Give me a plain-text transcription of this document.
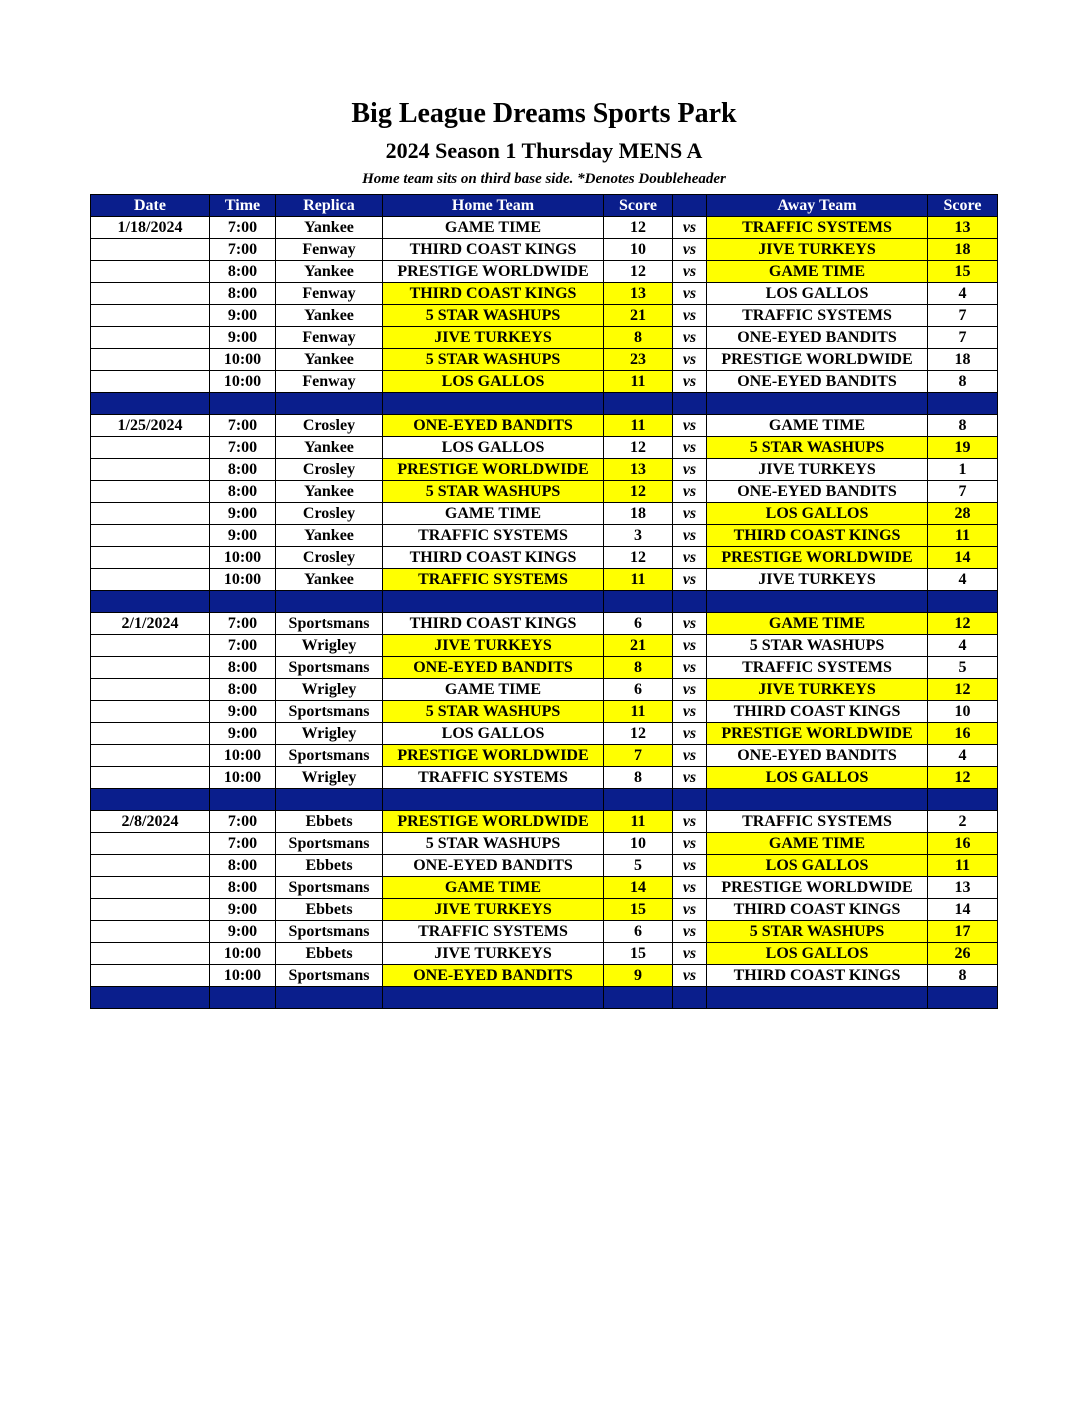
Big League Dreams Sports Park
2024 Season 1 Thursday MENS A
Home team sits on third base side. *Denotes Doubleheader
Date	Time	Replica	Home Team	Score		Away Team	Score
1/18/2024	7:00	Yankee	GAME TIME	12	vs	TRAFFIC SYSTEMS	13
	7:00	Fenway	THIRD COAST KINGS	10	vs	JIVE TURKEYS	18
	8:00	Yankee	PRESTIGE WORLDWIDE	12	vs	GAME TIME	15
	8:00	Fenway	THIRD COAST KINGS	13	vs	LOS GALLOS	4
	9:00	Yankee	5 STAR WASHUPS	21	vs	TRAFFIC SYSTEMS	7
	9:00	Fenway	JIVE TURKEYS	8	vs	ONE-EYED BANDITS	7
	10:00	Yankee	5 STAR WASHUPS	23	vs	PRESTIGE WORLDWIDE	18
	10:00	Fenway	LOS GALLOS	11	vs	ONE-EYED BANDITS	8

1/25/2024	7:00	Crosley	ONE-EYED BANDITS	11	vs	GAME TIME	8
	7:00	Yankee	LOS GALLOS	12	vs	5 STAR WASHUPS	19
	8:00	Crosley	PRESTIGE WORLDWIDE	13	vs	JIVE TURKEYS	1
	8:00	Yankee	5 STAR WASHUPS	12	vs	ONE-EYED BANDITS	7
	9:00	Crosley	GAME TIME	18	vs	LOS GALLOS	28
	9:00	Yankee	TRAFFIC SYSTEMS	3	vs	THIRD COAST KINGS	11
	10:00	Crosley	THIRD COAST KINGS	12	vs	PRESTIGE WORLDWIDE	14
	10:00	Yankee	TRAFFIC SYSTEMS	11	vs	JIVE TURKEYS	4

2/1/2024	7:00	Sportsmans	THIRD COAST KINGS	6	vs	GAME TIME	12
	7:00	Wrigley	JIVE TURKEYS	21	vs	5 STAR WASHUPS	4
	8:00	Sportsmans	ONE-EYED BANDITS	8	vs	TRAFFIC SYSTEMS	5
	8:00	Wrigley	GAME TIME	6	vs	JIVE TURKEYS	12
	9:00	Sportsmans	5 STAR WASHUPS	11	vs	THIRD COAST KINGS	10
	9:00	Wrigley	LOS GALLOS	12	vs	PRESTIGE WORLDWIDE	16
	10:00	Sportsmans	PRESTIGE WORLDWIDE	7	vs	ONE-EYED BANDITS	4
	10:00	Wrigley	TRAFFIC SYSTEMS	8	vs	LOS GALLOS	12

2/8/2024	7:00	Ebbets	PRESTIGE WORLDWIDE	11	vs	TRAFFIC SYSTEMS	2
	7:00	Sportsmans	5 STAR WASHUPS	10	vs	GAME TIME	16
	8:00	Ebbets	ONE-EYED BANDITS	5	vs	LOS GALLOS	11
	8:00	Sportsmans	GAME TIME	14	vs	PRESTIGE WORLDWIDE	13
	9:00	Ebbets	JIVE TURKEYS	15	vs	THIRD COAST KINGS	14
	9:00	Sportsmans	TRAFFIC SYSTEMS	6	vs	5 STAR WASHUPS	17
	10:00	Ebbets	JIVE TURKEYS	15	vs	LOS GALLOS	26
	10:00	Sportsmans	ONE-EYED BANDITS	9	vs	THIRD COAST KINGS	8
